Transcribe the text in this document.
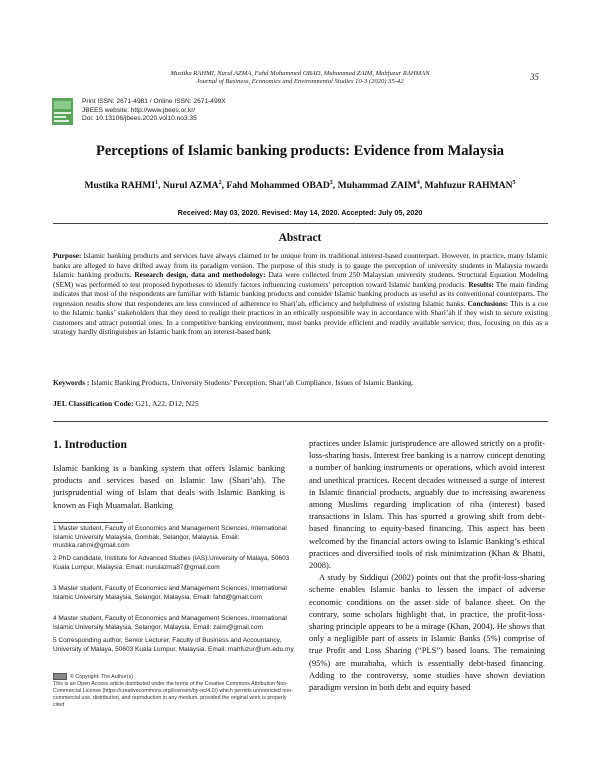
Mustika RAHMI, Nurul AZMA, Fahd Mohammed OBAD, Muhammad ZAIM, Mahfuzur RAHMAN
Journal of Business, Economics and Environmental Studies 10-3 (2020) 35-42	35
Print ISSN: 2671-4981 / Online ISSN: 2671-499X
JBEES website: http://www.jbees.or.kr/
Doi: 10.13106/jbees.2020.vol10.no3.35
Perceptions of Islamic banking products: Evidence from Malaysia
Mustika RAHMI$^1$, Nurul AZMA$^2$, Fahd Mohammed OBAD$^3$, Muhammad ZAIM$^4$, Mahfuzur RAHMAN$^5$
Received: May 03, 2020. Revised: May 14, 2020. Accepted: July 05, 2020
Abstract
Purpose: Islamic banking products and services have always claimed to be unique from its traditional interest-based counterpart. However, in practice, many Islamic banks are alleged to have drifted away from its paradigm version. The purpose of this study is to gauge the perception of university students in Malaysia towards Islamic banking products. Research design, data and methodology: Data were collected from 250 Malaysian university students. Structural Equation Modeling (SEM) was performed to test proposed hypotheses to identify factors influencing customers’ perception toward Islamic banking products. Results: The main finding indicates that most of the respondents are familiar with Islamic banking products and consider Islamic banking products as useful as its conventional counterparts. The regression results show that respondents are less convinced of adherence to Shari’ah, efficiency and helpfulness of existing Islamic banks. Conclusions: This is a cue to the Islamic banks’ stakeholders that they need to realign their practices in an ethically responsible way in accordance with Shari’ah if they wish to secure existing customers and attract potential ones. In a competitive banking environment, most banks provide efficient and readily available service; thus, focusing on this as a strategy hardly distinguishes an Islamic bank from an interest-based bank
Keywords : Islamic Banking Products, University Students’ Perception, Shari’ah Compliance, Issues of Islamic Banking.
JEL Classification Code: G21, A22, D12, N25
1. Introduction

Islamic banking is a banking system that offers Islamic banking products and services based on Islamic law (Shari’ah). The jurisprudential wing of Islam that deals with Islamic Banking is known as Fiqh Muamalat. Banking

1 Master student, Faculty of Economics and Management Sciences, International Islamic University Malaysia, Gombak, Selangor, Malaysia. Email: mustika.rahmi@gmail.com
2 PhD candidate, Institute for Advanced Studies (IAS).University of Malaya, 50603 Kuala Lumpur, Malaysia. Email: nurulazma87@gmail.com
3 Master student, Faculty of Economics and Management Sciences, International Islamic University Malaysia, Selangor, Malaysia. Email: fahd@gmail.com
4 Master student, Faculty of Economics and Management Sciences, International Islamic University Malaysia, Selangor, Malaysia. Email: zaim@gmail.com
5 Corresponding author, Senior Lecturer, Faculty of Business and Accountancy, University of Malaya, 50603 Kuala Lumpur, Malaysia. Email: mahfuzur@um.edu.my
© Copyright: The Author(s)
This is an Open Access article distributed under the terms of the Creative Commons Attribution Non-Commercial License (https://creativecommons.org/licenses/by-nc/4.0/) which permits unrestricted non-commercial use, distribution, and reproduction in any medium, provided the original work is properly cited

practices under Islamic jurisprudence are allowed strictly on a profit-loss-sharing basis. Interest free banking is a narrow concept denoting a number of banking instruments or operations, which avoid interest and unethical practices. Recent decades witnessed a surge of interest in Islamic financial products, arguably due to increasing awareness among Muslims regarding implication of riba (interest) based transactions in Islam. This has spurred a growing shift from debt-based financing to equity-based financing. This aspect has been welcomed by the financial actors owing to Islamic Banking’s ethical practices and diversified tools of risk minimization (Khan & Bhatti, 2008).

A study by Siddiqui (2002) points out that the profit-loss-sharing scheme enables Islamic banks to lessen the impact of adverse economic conditions on the asset side of balance sheet. On the contrary, some scholars highlight that, in practice, the profit-loss-sharing principle appears to be a mirage (Khan, 2004). He shows that only a negligible part of assets in Islamic Banks (5%) comprise of true Profit and Loss Sharing (“PLS”) based loans. The remaining (95%) are murabaha, which is essentially debt-based financing. Adding to the controversy, some studies have shown deviation paradigm version in both debt and equity based
